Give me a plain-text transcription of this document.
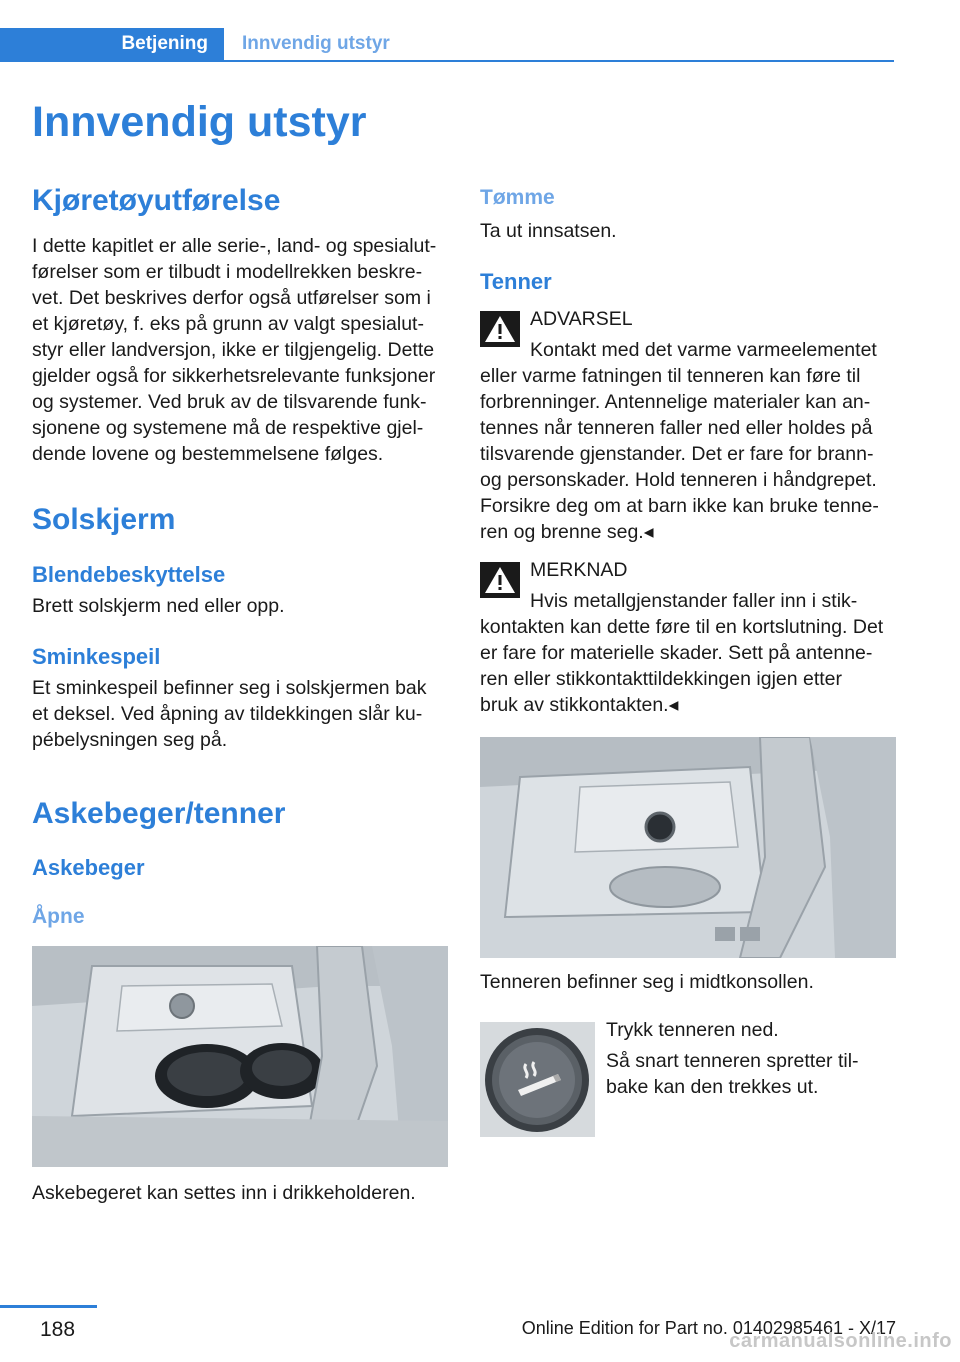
Betjening	Innvendig utstyr
Innvendig utstyr
Kjøretøyutførelse
I dette kapitlet er alle serie-, land- og spesialut‐
førelser som er tilbudt i modellrekken beskre‐
vet. Det beskrives derfor også utførelser som i
et kjøretøy, f. eks på grunn av valgt spesialut‐
styr eller landversjon, ikke er tilgjengelig. Dette
gjelder også for sikkerhetsrelevante funksjoner
og systemer. Ved bruk av de tilsvarende funk‐
sjonene og systemene må de respektive gjel‐
dende lovene og bestemmelsene følges.
Solskjerm
Blendebeskyttelse
Brett solskjerm ned eller opp.
Sminkespeil
Et sminkespeil befinner seg i solskjermen bak
et deksel. Ved åpning av tildekkingen slår ku‐
pébelysningen seg på.
Askebeger/tenner
Askebeger
Åpne
Askebegeret kan settes inn i drikkeholderen.
Tømme
Ta ut innsatsen.
Tenner
ADVARSEL
Kontakt med det varme varmeelementet
eller varme fatningen til tenneren kan føre til
forbrenninger. Antennelige materialer kan an‐
tennes når tenneren faller ned eller holdes på
tilsvarende gjenstander. Det er fare for brann‐
og personskader. Hold tenneren i håndgrepet.
Forsikre deg om at barn ikke kan bruke tenne‐
ren og brenne seg.◂
MERKNAD
Hvis metallgjenstander faller inn i stik‐
kontakten kan dette føre til en kortslutning. Det
er fare for materielle skader. Sett på antenne‐
ren eller stikkontakttildekkingen igjen etter
bruk av stikkontakten.◂
Tenneren befinner seg i midtkonsollen.
Trykk tenneren ned.
Så snart tenneren spretter til‐
bake kan den trekkes ut.
188	Online Edition for Part no. 01402985461 - X/17
carmanualsonline.info
